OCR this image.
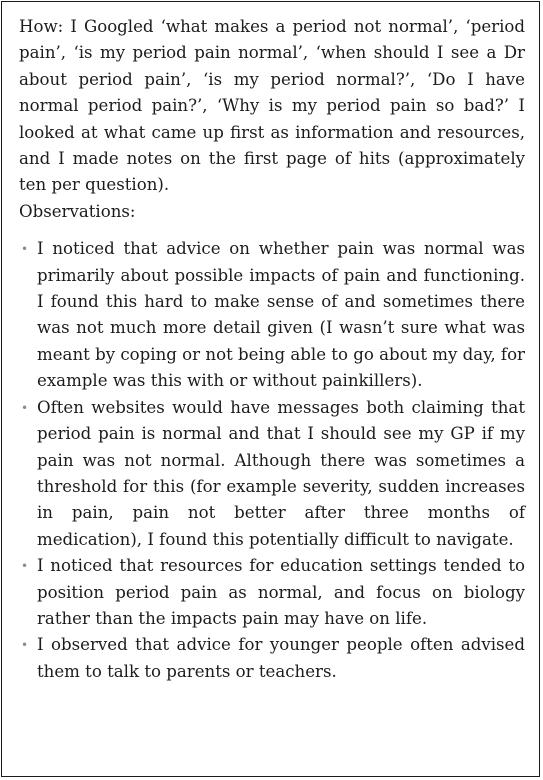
How: I Googled ‘what makes a period not normal’, ‘period pain’, ‘is my period pain normal’, ‘when should I see a Dr about period pain’, ‘is my period normal?’, ‘Do I have normal period pain?’, ‘Why is my period pain so bad?’ I looked at what came up first as information and resources, and I made notes on the first page of hits (approximately ten per question).

Observations:

• I noticed that advice on whether pain was normal was primarily about possible impacts of pain and functioning. I found this hard to make sense of and sometimes there was not much more detail given (I wasn’t sure what was meant by coping or not being able to go about my day, for example was this with or without painkillers).
• Often websites would have messages both claiming that period pain is normal and that I should see my GP if my pain was not normal. Although there was sometimes a threshold for this (for example severity, sudden increases in pain, pain not better after three months of medication), I found this potentially difficult to navigate.
• I noticed that resources for education settings tended to position period pain as normal, and focus on biology rather than the impacts pain may have on life.
• I observed that advice for younger people often advised them to talk to parents or teachers.
